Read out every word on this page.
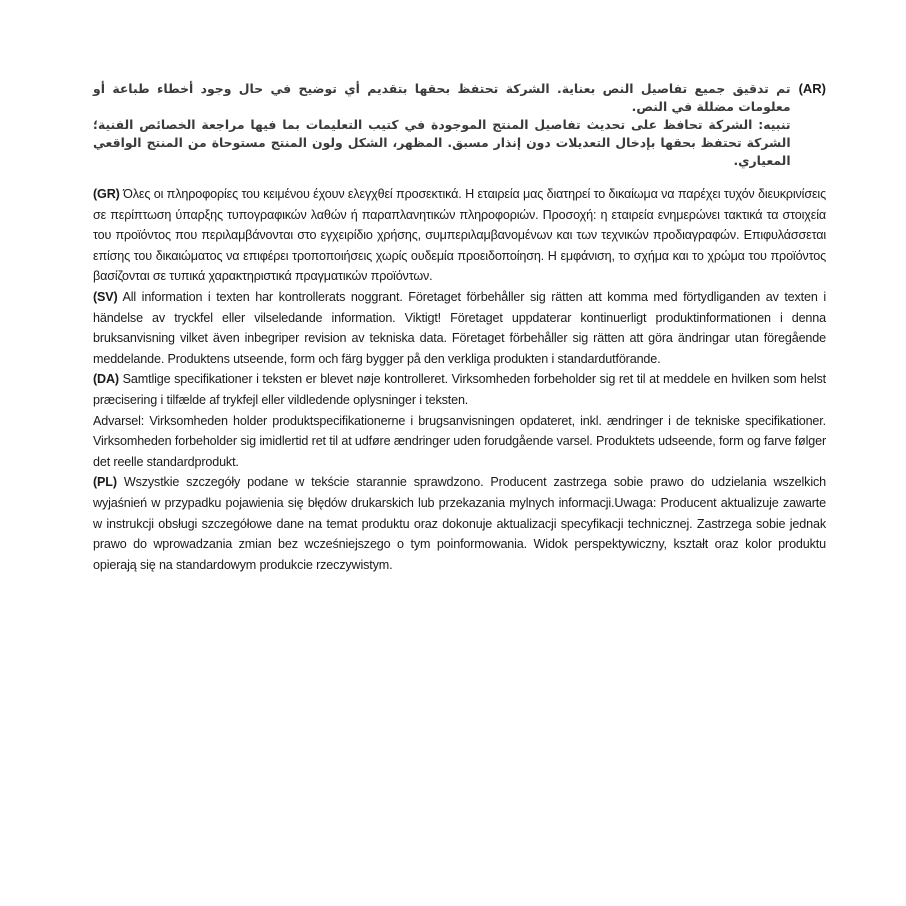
(AR)

تم تدقيق جميع تفاصيل النص بعناية. الشركة تحتفظ بحقها بتقديم أي توضيح في حال وجود أخطاء طباعة أو معلومات مضللة في النص.

تنبيه: الشركة تحافظ على تحديث تفاصيل المنتج الموجودة في كتيب التعليمات بما فيها مراجعة الخصائص الفنية؛ الشركة تحتفظ بحقها بإدخال التعديلات دون إنذار مسبق. المظهر، الشكل ولون المنتج مستوحاة من المنتج الواقعي المعياري.

(GR) Όλες οι πληροφορίες του κειμένου έχουν ελεγχθεί προσεκτικά. Η εταιρεία μας διατηρεί το δικαίωμα να παρέχει τυχόν διευκρινίσεις σε περίπτωση ύπαρξης τυπογραφικών λαθών ή παραπλανητικών πληροφοριών. Προσοχή: η εταιρεία ενημερώνει τακτικά τα στοιχεία του προϊόντος που περιλαμβάνονται στο εγχειρίδιο χρήσης, συμπεριλαμβανομένων και των τεχνικών προδιαγραφών. Επιφυλάσσεται επίσης του δικαιώματος να επιφέρει τροποποιήσεις χωρίς ουδεμία προειδοποίηση. Η εμφάνιση, το σχήμα και το χρώμα του προϊόντος βασίζονται σε τυπικά χαρακτηριστικά πραγματικών προϊόντων.

(SV) All information i texten har kontrollerats noggrant. Företaget förbehåller sig rätten att komma med förtydliganden av texten i händelse av tryckfel eller vilseledande information. Viktigt! Företaget uppdaterar kontinuerligt produktinformationen i denna bruksanvisning vilket även inbegriper revision av tekniska data. Företaget förbehåller sig rätten att göra ändringar utan föregående meddelande. Produktens utseende, form och färg bygger på den verkliga produkten i standardutförande.

(DA) Samtlige specifikationer i teksten er blevet nøje kontrolleret. Virksomheden forbeholder sig ret til at meddele en hvilken som helst præcisering i tilfælde af trykfejl eller vildledende oplysninger i teksten.

Advarsel: Virksomheden holder produktspecifikationerne i brugsanvisningen opdateret, inkl. ændringer i de tekniske specifikationer. Virksomheden forbeholder sig imidlertid ret til at udføre ændringer uden forudgående varsel. Produktets udseende, form og farve følger det reelle standardprodukt.

(PL) Wszystkie szczegóły podane w tekście starannie sprawdzono. Producent zastrzega sobie prawo do udzielania wszelkich wyjaśnień w przypadku pojawienia się błędów drukarskich lub przekazania mylnych informacji.Uwaga: Producent aktualizuje zawarte w instrukcji obsługi szczegółowe dane na temat produktu oraz dokonuje aktualizacji specyfikacji technicznej. Zastrzega sobie jednak prawo do wprowadzania zmian bez wcześniejszego o tym poinformowania. Widok perspektywiczny, kształt oraz kolor produktu opierają się na standardowym produkcie rzeczywistym.
